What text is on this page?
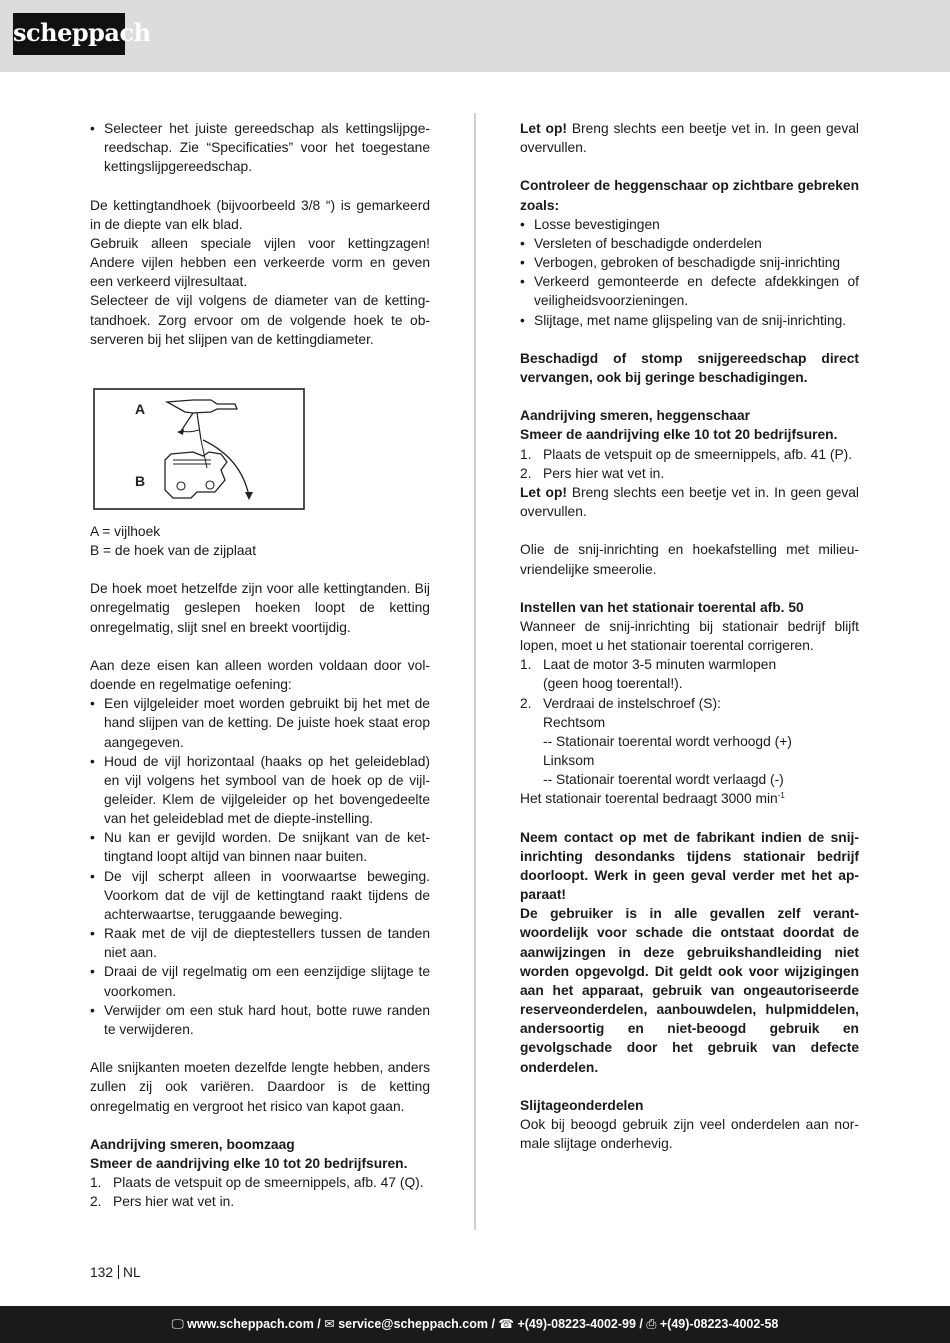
scheppach
• Selecteer het juiste gereedschap als kettingslijpgereedschap. Zie “Specificaties” voor het toegestane kettingslijpgereedschap.

De kettingtandhoek (bijvoorbeeld 3/8 “) is gemarkeerd in de diepte van elk blad.

Gebruik alleen speciale vijlen voor kettingzagen! Andere vijlen hebben een verkeerde vorm en geven een verkeerd vijlresultaat.

Selecteer de vijl volgens de diameter van de kettingtandhoek. Zorg ervoor om de volgende hoek te observeren bij het slijpen van de kettingdiameter.

A
B

A = vijlhoek

B = de hoek van de zijplaat

De hoek moet hetzelfde zijn voor alle kettingtanden. Bij onregelmatig geslepen hoeken loopt de ketting onregelmatig, slijt snel en breekt voortijdig.

Aan deze eisen kan alleen worden voldaan door voldoende en regelmatige oefening:

• Een vijlgeleider moet worden gebruikt bij het met de hand slijpen van de ketting. De juiste hoek staat erop aangegeven.
• Houd de vijl horizontaal (haaks op het geleideblad) en vijl volgens het symbool van de hoek op de vijlgeleider. Klem de vijlgeleider op het bovengedeelte van het geleideblad met de diepte-instelling.
• Nu kan er gevijld worden. De snijkant van de kettingtand loopt altijd van binnen naar buiten.
• De vijl scherpt alleen in voorwaartse beweging. Voorkom dat de vijl de kettingtand raakt tijdens de achterwaartse, teruggaande beweging.
• Raak met de vijl de dieptestellers tussen de tanden niet aan.
• Draai de vijl regelmatig om een eenzijdige slijtage te voorkomen.
• Verwijder om een stuk hard hout, botte ruwe randen te verwijderen.

Alle snijkanten moeten dezelfde lengte hebben, anders zullen zij ook variëren. Daardoor is de ketting onregelmatig en vergroot het risico van kapot gaan.

Aandrijving smeren, boomzaag

Smeer de aandrijving elke 10 tot 20 bedrijfsuren.

1. Plaats de vetspuit op de smeernippels, afb. 47 (Q).
2. Pers hier wat vet in.

Let op! Breng slechts een beetje vet in. In geen geval overvullen.

Controleer de heggenschaar op zichtbare gebreken zoals:

• Losse bevestigingen
• Versleten of beschadigde onderdelen
• Verbogen, gebroken of beschadigde snij-inrichting
• Verkeerd gemonteerde en defecte afdekkingen of veiligheidsvoorzieningen.
• Slijtage, met name glijspeling van de snij-inrichting.

Beschadigd of stomp snijgereedschap direct vervangen, ook bij geringe beschadigingen.

Aandrijving smeren, heggenschaar

Smeer de aandrijving elke 10 tot 20 bedrijfsuren.

1. Plaats de vetspuit op de smeernippels, afb. 41 (P).
2. Pers hier wat vet in.

Let op! Breng slechts een beetje vet in. In geen geval overvullen.

Olie de snij-inrichting en hoekafstelling met milieuvriendelijke smeerolie.

Instellen van het stationair toerental afb. 50

Wanneer de snij-inrichting bij stationair bedrijf blijft lopen, moet u het stationair toerental corrigeren.

1. Laat de motor 3-5 minuten warmlopen

(geen hoog toerental!).

2. Verdraai de instelschroef (S):

Rechtsom

-- Stationair toerental wordt verhoogd (+)

Linksom

-- Stationair toerental wordt verlaagd (-)

Het stationair toerental bedraagt 3000 $\min^{-1}$

Neem contact op met de fabrikant indien de snijinrichting desondanks tijdens stationair bedrijf doorloopt. Werk in geen geval verder met het apparaat!

De gebruiker is in alle gevallen zelf verantwoordelijk voor schade die ontstaat doordat de aanwijzingen in deze gebruikshandleiding niet worden opgevolgd. Dit geldt ook voor wijzigingen aan het apparaat, gebruik van ongeautoriseerde reserveonderdelen, aanbouwdelen, hulpmiddelen, andersoortig en niet-beoogd gebruik en gevolgschade door het gebruik van defecte onderdelen.

Slijtageonderdelen

Ook bij beoogd gebruik zijn veel onderdelen aan normale slijtage onderhevig.

132 NL
🖵 www.scheppach.com / ✉ service@scheppach.com / ☎ +(49)-08223-4002-99 / ⎙ +(49)-08223-4002-58
